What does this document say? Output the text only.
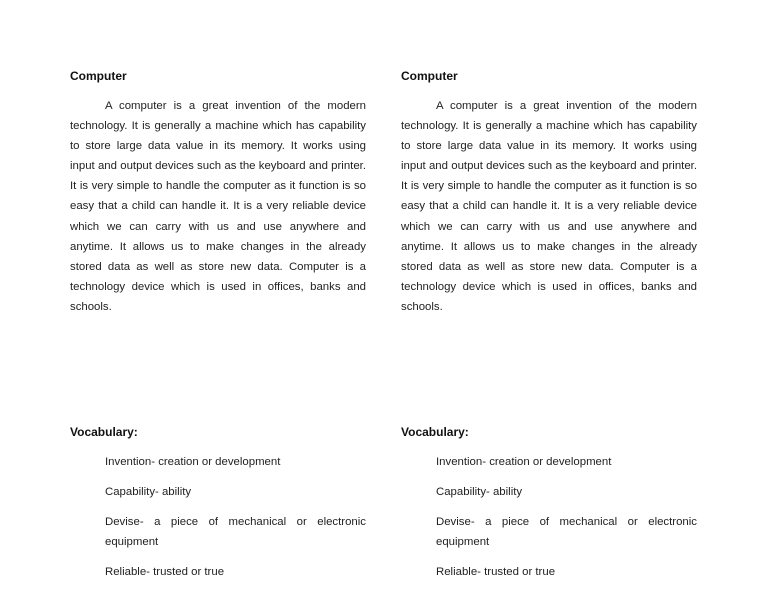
Computer

A computer is a great invention of the modern technology. It is generally a machine which has capability to store large data value in its memory. It works using input and output devices such as the keyboard and printer. It is very simple to handle the computer as it function is so easy that a child can handle it. It is a very reliable device which we can carry with us and use anywhere and anytime. It allows us to make changes in the already stored data as well as store new data. Computer is a technology device which is used in offices, banks and schools.

Vocabulary:
Invention- creation or development
Capability- ability
Devise- a piece of mechanical or electronic equipment
Reliable- trusted or true
Computer

A computer is a great invention of the modern technology. It is generally a machine which has capability to store large data value in its memory. It works using input and output devices such as the keyboard and printer. It is very simple to handle the computer as it function is so easy that a child can handle it. It is a very reliable device which we can carry with us and use anywhere and anytime. It allows us to make changes in the already stored data as well as store new data. Computer is a technology device which is used in offices, banks and schools.

Vocabulary:
Invention- creation or development
Capability- ability
Devise- a piece of mechanical or electronic equipment
Reliable- trusted or true
